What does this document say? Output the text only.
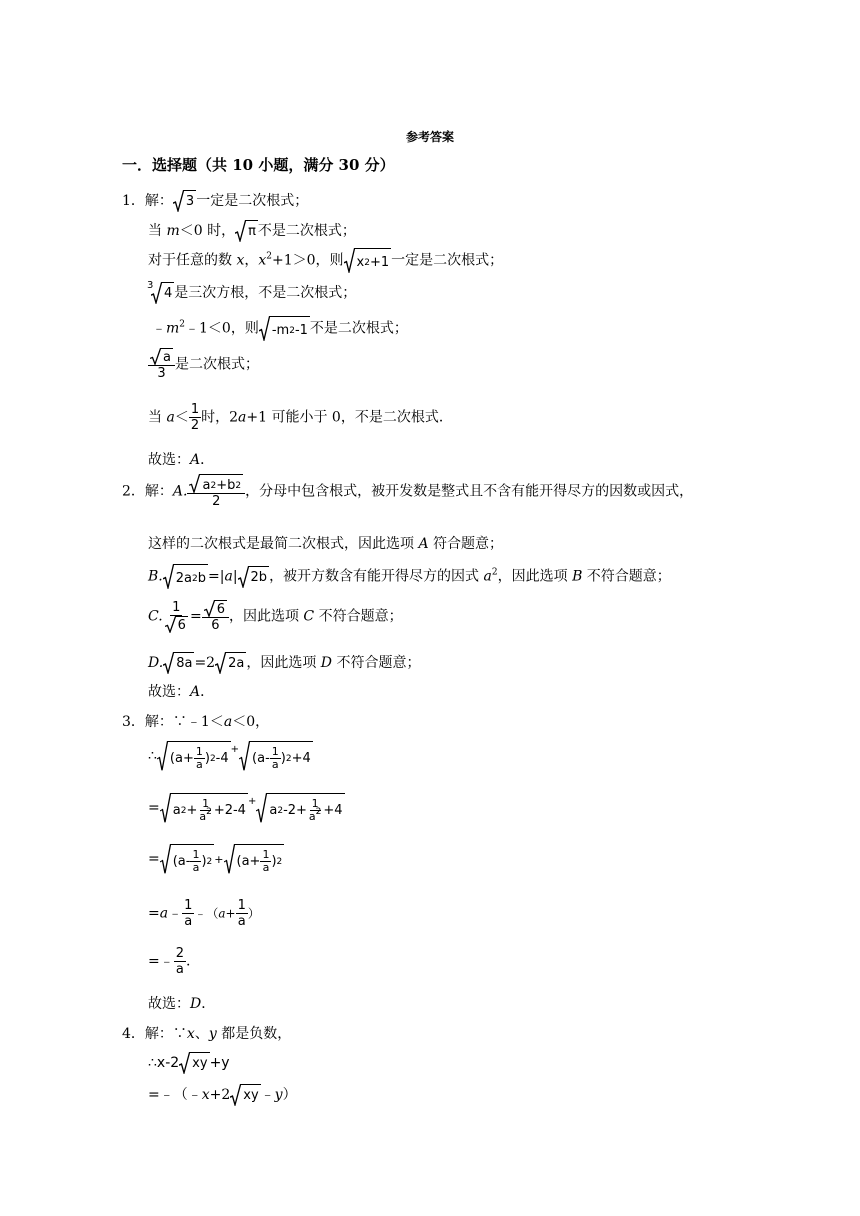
参考答案
一．选择题（共 10 小题，满分 30 分）
1．解： 3 一定是二次根式；
当 m＜0 时， π 不是二次根式；
对于任意的数 x，$x^2+1>0$，则 x 2 +1 一定是二次根式；
3
4 是三次方根，不是二次根式；
$﹣m^2﹣1<0$，则 -m 2 -1 不是二次根式；
$\frac{a}{3}$ 是二次根式；
当 $a< \frac{1}{2}$ 时，2a+1 可能小于 0，不是二次根式．
故选：A．
2．解：A. $\frac{a 2 + b 2}{2}$ ，分母中包含根式，被开发数是整式且不含有能开得尽方的因数或因式，
这样的二次根式是最简二次根式，因此选项 A 符合题意；
B. 2a 2 b =|a| 2b ，被开方数含有能开得尽方的因式 $a^2$，因此选项 B 不符合题意；
C. $\frac{1}{6} = \frac{6}{6}$ ，因此选项 C 不符合题意；
D. 8a =2 2a ，因此选项 D 不符合题意；
故选：A．
3．解：∵﹣1＜a＜0，
∴ ($a+ \frac{1}{a}$ ) 2 -4
+
($a- \frac{1}{a}$ ) 2 +4
= a $2 + \frac{1}{a^2} +2-4$
+
a 2 $-2+ \frac{1}{a^2} +4$
= ($a- \frac{1}{a}$ ) $2 + (a+ \frac{1}{a}$ ) 2
=a﹣ $\frac{1}{a}$ ﹣（a+ $\frac{1}{a}$ ）
=﹣ $\frac{2}{a}$ .
故选：D．
4．解：∵x、y 都是负数，
∴x-2 xy +y
=﹣（﹣x+2 xy ﹣y）
